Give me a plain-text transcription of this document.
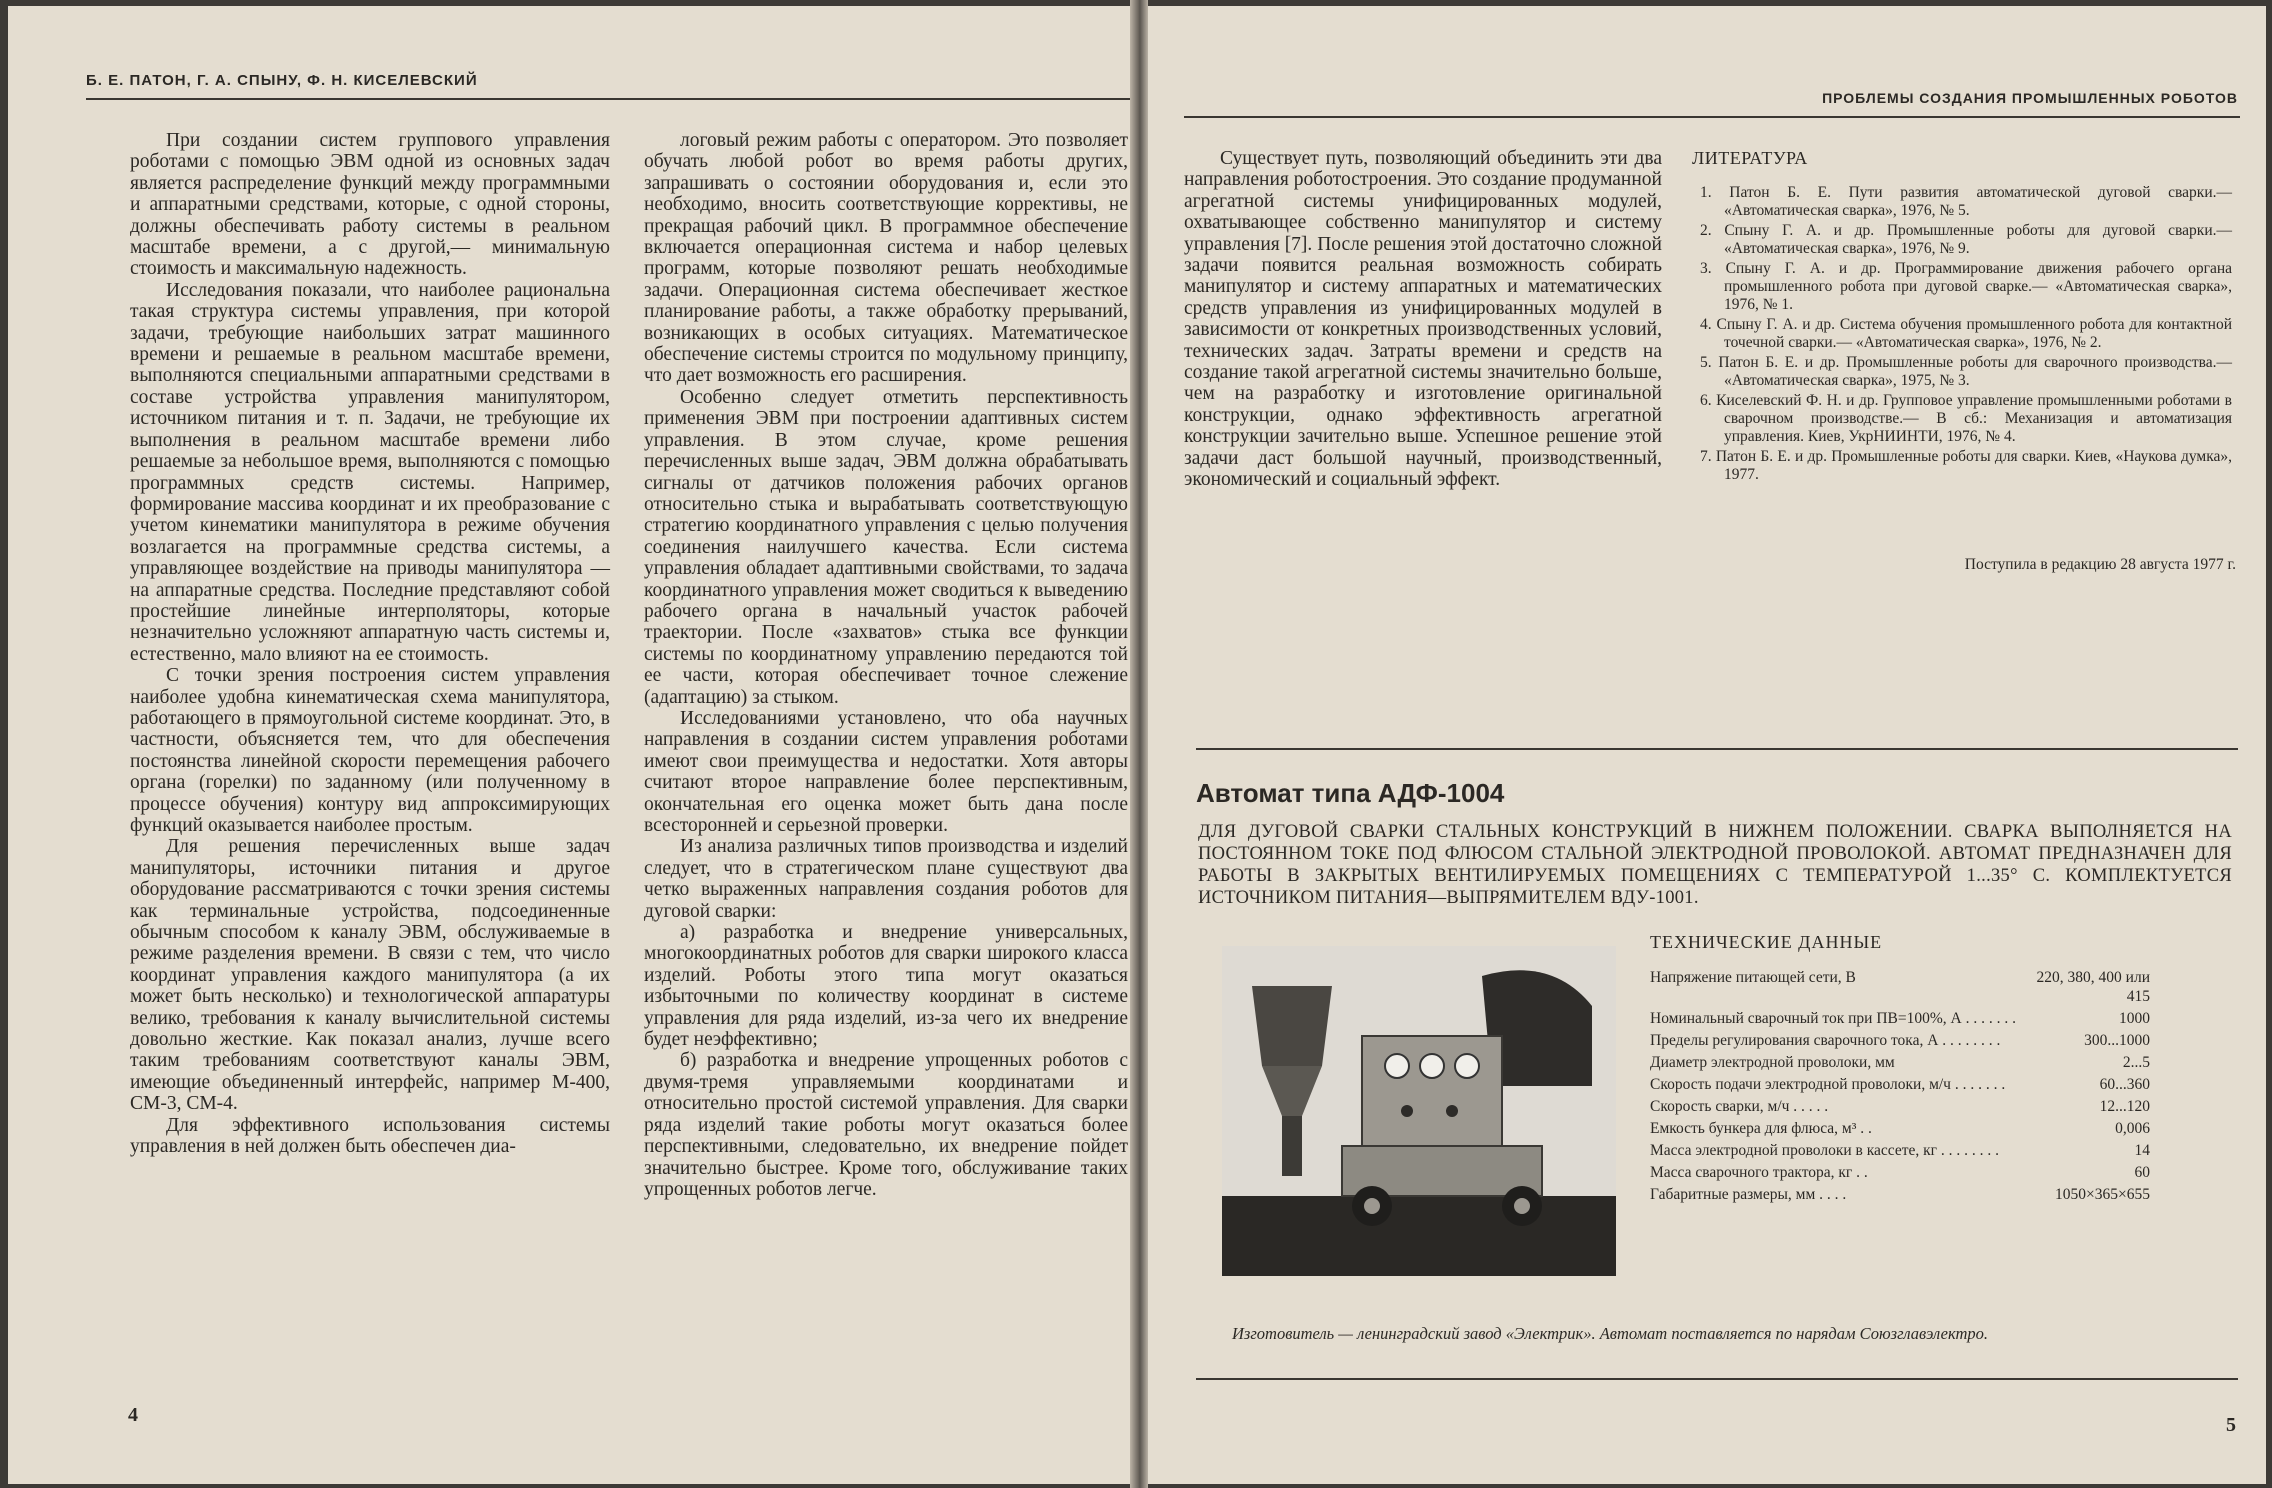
Б. Е. ПАТОН, Г. А. СПЫНУ, Ф. Н. КИСЕЛЕВСКИЙ

При создании систем группового управления роботами с помощью ЭВМ одной из основных задач является распределение функций между программными и аппаратными средствами, которые, с одной стороны, должны обеспечивать работу системы в реальном масштабе времени, а с другой,— минимальную стоимость и максимальную надежность.

Исследования показали, что наиболее рациональна такая структура системы управления, при которой задачи, требующие наибольших затрат машинного времени и решаемые в реальном масштабе времени, выполняются специальными аппаратными средствами в составе устройства управления манипулятором, источником питания и т. п. Задачи, не требующие их выполнения в реальном масштабе времени либо решаемые за небольшое время, выполняются с помощью программных средств системы. Например, формирование массива координат и их преобразование с учетом кинематики манипулятора в режиме обучения возлагается на программные средства системы, а управляющее воздействие на приводы манипулятора — на аппаратные средства. Последние представляют собой простейшие линейные интерполяторы, которые незначительно усложняют аппаратную часть системы и, естественно, мало влияют на ее стоимость.

С точки зрения построения систем управления наиболее удобна кинематическая схема манипулятора, работающего в прямоугольной системе координат. Это, в частности, объясняется тем, что для обеспечения постоянства линейной скорости перемещения рабочего органа (горелки) по заданному (или полученному в процессе обучения) контуру вид аппроксимирующих функций оказывается наиболее простым.

Для решения перечисленных выше задач манипуляторы, источники питания и другое оборудование рассматриваются с точки зрения системы как терминальные устройства, подсоединенные обычным способом к каналу ЭВМ, обслуживаемые в режиме разделения времени. В связи с тем, что число координат управления каждого манипулятора (а их может быть несколько) и технологической аппаратуры велико, требования к каналу вычислительной системы довольно жесткие. Как показал анализ, лучше всего таким требованиям соответствуют каналы ЭВМ, имеющие объединенный интерфейс, например М-400, СМ-3, СМ-4.

Для эффективного использования системы управления в ней должен быть обеспечен диа-

логовый режим работы с оператором. Это позволяет обучать любой робот во время работы других, запрашивать о состоянии оборудования и, если это необходимо, вносить соответствующие коррективы, не прекращая рабочий цикл. В программное обеспечение включается операционная система и набор целевых программ, которые позволяют решать необходимые задачи. Операционная система обеспечивает жесткое планирование работы, а также обработку прерываний, возникающих в особых ситуациях. Математическое обеспечение системы строится по модульному принципу, что дает возможность его расширения.

Особенно следует отметить перспективность применения ЭВМ при построении адаптивных систем управления. В этом случае, кроме решения перечисленных выше задач, ЭВМ должна обрабатывать сигналы от датчиков положения рабочих органов относительно стыка и вырабатывать соответствующую стратегию координатного управления с целью получения соединения наилучшего качества. Если система управления обладает адаптивными свойствами, то задача координатного управления может сводиться к выведению рабочего органа в начальный участок рабочей траектории. После «захватов» стыка все функции системы по координатному управлению передаются той ее части, которая обеспечивает точное слежение (адаптацию) за стыком.

Исследованиями установлено, что оба научных направления в создании систем управления роботами имеют свои преимущества и недостатки. Хотя авторы считают второе направление более перспективным, окончательная его оценка может быть дана после всесторонней и серьезной проверки.

Из анализа различных типов производства и изделий следует, что в стратегическом плане существуют два четко выраженных направления создания роботов для дуговой сварки:

а) разработка и внедрение универсальных, многокоординатных роботов для сварки широкого класса изделий. Роботы этого типа могут оказаться избыточными по количеству координат в системе управления для ряда изделий, из-за чего их внедрение будет неэффективно;

б) разработка и внедрение упрощенных роботов с двумя-тремя управляемыми координатами и относительно простой системой управления. Для сварки ряда изделий такие роботы могут оказаться более перспективными, следовательно, их внедрение пойдет значительно быстрее. Кроме того, обслуживание таких упрощенных роботов легче.

4
ПРОБЛЕМЫ СОЗДАНИЯ ПРОМЫШЛЕННЫХ РОБОТОВ

Существует путь, позволяющий объединить эти два направления роботостроения. Это создание продуманной агрегатной системы унифицированных модулей, охватывающее собственно манипулятор и систему управления [7]. После решения этой достаточно сложной задачи появится реальная возможность собирать манипулятор и систему аппаратных и математических средств управления из унифицированных модулей в зависимости от конкретных производственных условий, технических задач. Затраты времени и средств на создание такой агрегатной системы значительно больше, чем на разработку и изготовление оригинальной конструкции, однако эффективность агрегатной конструкции зачительно выше. Успешное решение этой задачи даст большой научный, производственный, экономический и социальный эффект.

ЛИТЕРАТУРА
1. Патон Б. Е. Пути развития автоматической дуговой сварки.— «Автоматическая сварка», 1976, № 5.
2. Спыну Г. А. и др. Промышленные роботы для дуговой сварки.— «Автоматическая сварка», 1976, № 9.
3. Спыну Г. А. и др. Программирование движения рабочего органа промышленного робота при дуговой сварке.— «Автоматическая сварка», 1976, № 1.
4. Спыну Г. А. и др. Система обучения промышленного робота для контактной точечной сварки.— «Автоматическая сварка», 1976, № 2.
5. Патон Б. Е. и др. Промышленные роботы для сварочного производства.— «Автоматическая сварка», 1975, № 3.
6. Киселевский Ф. Н. и др. Групповое управление промышленными роботами в сварочном производстве.— В сб.: Механизация и автоматизация управления. Киев, УкрНИИНТИ, 1976, № 4.
7. Патон Б. Е. и др. Промышленные роботы для сварки. Киев, «Наукова думка», 1977.
Поступила в редакцию 28 августа 1977 г.
Автомат типа АДФ-1004
ДЛЯ ДУГОВОЙ СВАРКИ СТАЛЬНЫХ КОНСТРУКЦИЙ В НИЖНЕМ ПОЛОЖЕНИИ. СВАРКА ВЫПОЛНЯЕТСЯ НА ПОСТОЯННОМ ТОКЕ ПОД ФЛЮСОМ СТАЛЬНОЙ ЭЛЕКТРОДНОЙ ПРОВОЛОКОЙ. АВТОМАТ ПРЕДНАЗНАЧЕН ДЛЯ РАБОТЫ В ЗАКРЫТЫХ ВЕНТИЛИРУЕМЫХ ПОМЕЩЕНИЯХ С ТЕМПЕРАТУРОЙ 1...35° С. КОМПЛЕКТУЕТСЯ ИСТОЧНИКОМ ПИТАНИЯ—ВЫПРЯМИТЕЛЕМ ВДУ-1001.
ТЕХНИЧЕСКИЕ ДАННЫЕ
Напряжение питающей сети, В	220, 380, 400 или 415
Номинальный сварочный ток при ПВ=100%, А . . . . . . .	1000
Пределы регулирования сварочного тока, А . . . . . . . .	300...1000
Диаметр электродной проволоки, мм	2...5
Скорость подачи электродной проволоки, м/ч . . . . . . .	60...360
Скорость сварки, м/ч . . . . .	12...120
Емкость бункера для флюса, м³ . .	0,006
Масса электродной проволоки в кассете, кг . . . . . . . .	14
Масса сварочного трактора, кг . .	60
Габаритные размеры, мм . . . .	1050×365×655
Изготовитель — ленинградский завод «Электрик». Автомат поставляется по нарядам Союзглавэлектро.
5
